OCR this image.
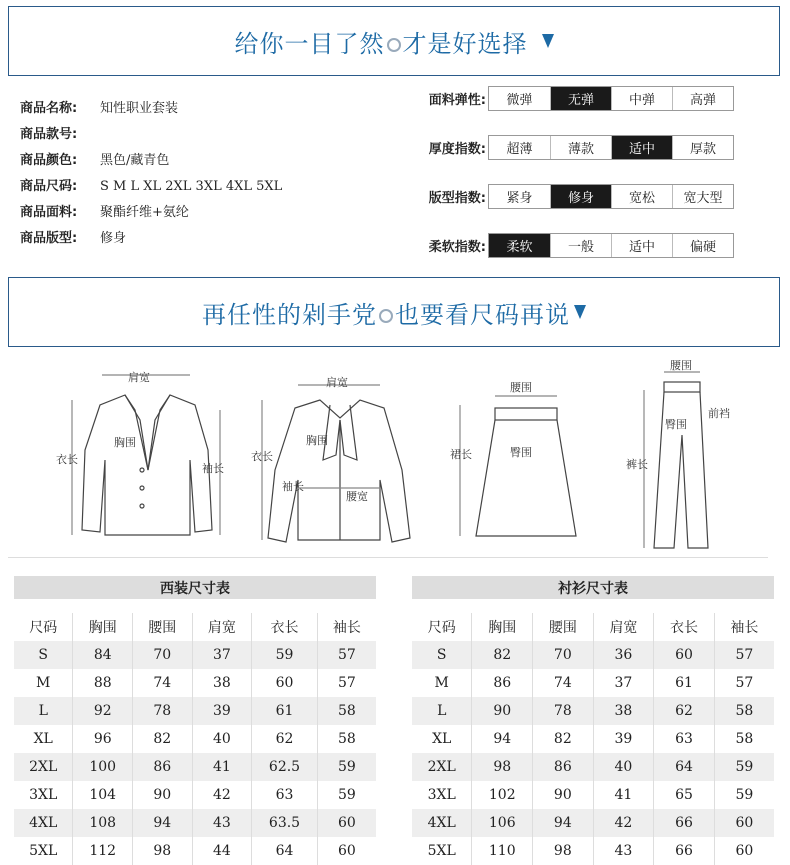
给你一目了然 才是好选择
商品名称:	知性职业套装
商品款号:
商品颜色:	黑色/藏青色
商品尺码:	S M L XL 2XL 3XL 4XL 5XL
商品面料:	聚酯纤维+氨纶
商品版型:	修身
面料弹性:	微弹	无弹	中弹	高弹
厚度指数:	超薄	薄款	适中	厚款
版型指数:	紧身	修身	宽松	宽大型
柔软指数:	柔软	一般	适中	偏硬
再任性的剁手党 也要看尺码再说
肩宽
胸围
衣长
袖长
肩宽
胸围
衣长
袖长
腰宽
腰围
臀围
裙长
腰围
臀围
前裆
裤长
西装尺寸表
尺码	胸围	腰围	肩宽	衣长	袖长
S	84	70	37	59	57
M	88	74	38	60	57
L	92	78	39	61	58
XL	96	82	40	62	58
2XL	100	86	41	62.5	59
3XL	104	90	42	63	59
4XL	108	94	43	63.5	60
5XL	112	98	44	64	60
衬衫尺寸表
尺码	胸围	腰围	肩宽	衣长	袖长
S	82	70	36	60	57
M	86	74	37	61	57
L	90	78	38	62	58
XL	94	82	39	63	58
2XL	98	86	40	64	59
3XL	102	90	41	65	59
4XL	106	94	42	66	60
5XL	110	98	43	66	60
